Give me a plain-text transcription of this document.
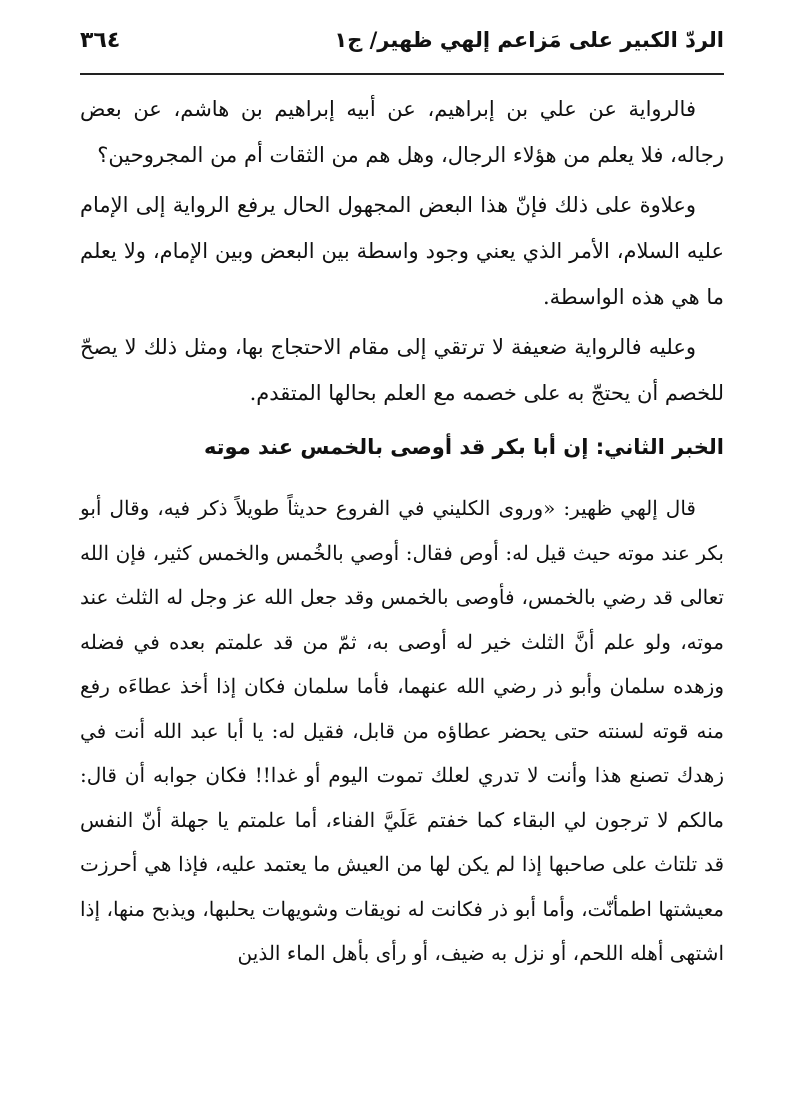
الردّ الكبير على مَزاعم إلهي ظهير/ ج١
٣٦٤

فالرواية عن علي بن إبراهيم، عن أبيه إبراهيم بن هاشم، عن بعض رجاله، فلا يعلم من هؤلاء الرجال، وهل هم من الثقات أم من المجروحين؟

وعلاوة على ذلك فإنّ هذا البعض المجهول الحال يرفع الرواية إلى الإمام عليه السلام، الأمر الذي يعني وجود واسطة بين البعض وبين الإمام، ولا يعلم ما هي هذه الواسطة.

وعليه فالرواية ضعيفة لا ترتقي إلى مقام الاحتجاج بها، ومثل ذلك لا يصحّ للخصم أن يحتجّ به على خصمه مع العلم بحالها المتقدم.

الخبر الثاني: إن أبا بكر قد أوصى بالخمس عند موته

قال إلهي ظهير: «وروى الكليني في الفروع حديثاً طويلاً ذكر فيه، وقال أبو بكر عند موته حيث قيل له: أوص فقال: أوصي بالخُمس والخمس كثير، فإن الله تعالى قد رضي بالخمس، فأوصى بالخمس وقد جعل الله عز وجل له الثلث عند موته، ولو علم أنَّ الثلث خير له أوصى به، ثمّ من قد علمتم بعده في فضله وزهده سلمان وأبو ذر رضي الله عنهما، فأما سلمان فكان إذا أخذ عطاءَه رفع منه قوته لسنته حتى يحضر عطاؤه من قابل، فقيل له: يا أبا عبد الله أنت في زهدك تصنع هذا وأنت لا تدري لعلك تموت اليوم أو غدا!! فكان جوابه أن قال: مالكم لا ترجون لي البقاء كما خفتم عَلَيَّ الفناء، أما علمتم يا جهلة أنّ النفس قد تلتاث على صاحبها إذا لم يكن لها من العيش ما يعتمد عليه، فإذا هي أحرزت معيشتها اطمأنّت، وأما أبو ذر فكانت له نويقات وشويهات يحلبها، ويذبح منها، إذا اشتهى أهله اللحم، أو نزل به ضيف، أو رأى بأهل الماء الذين
